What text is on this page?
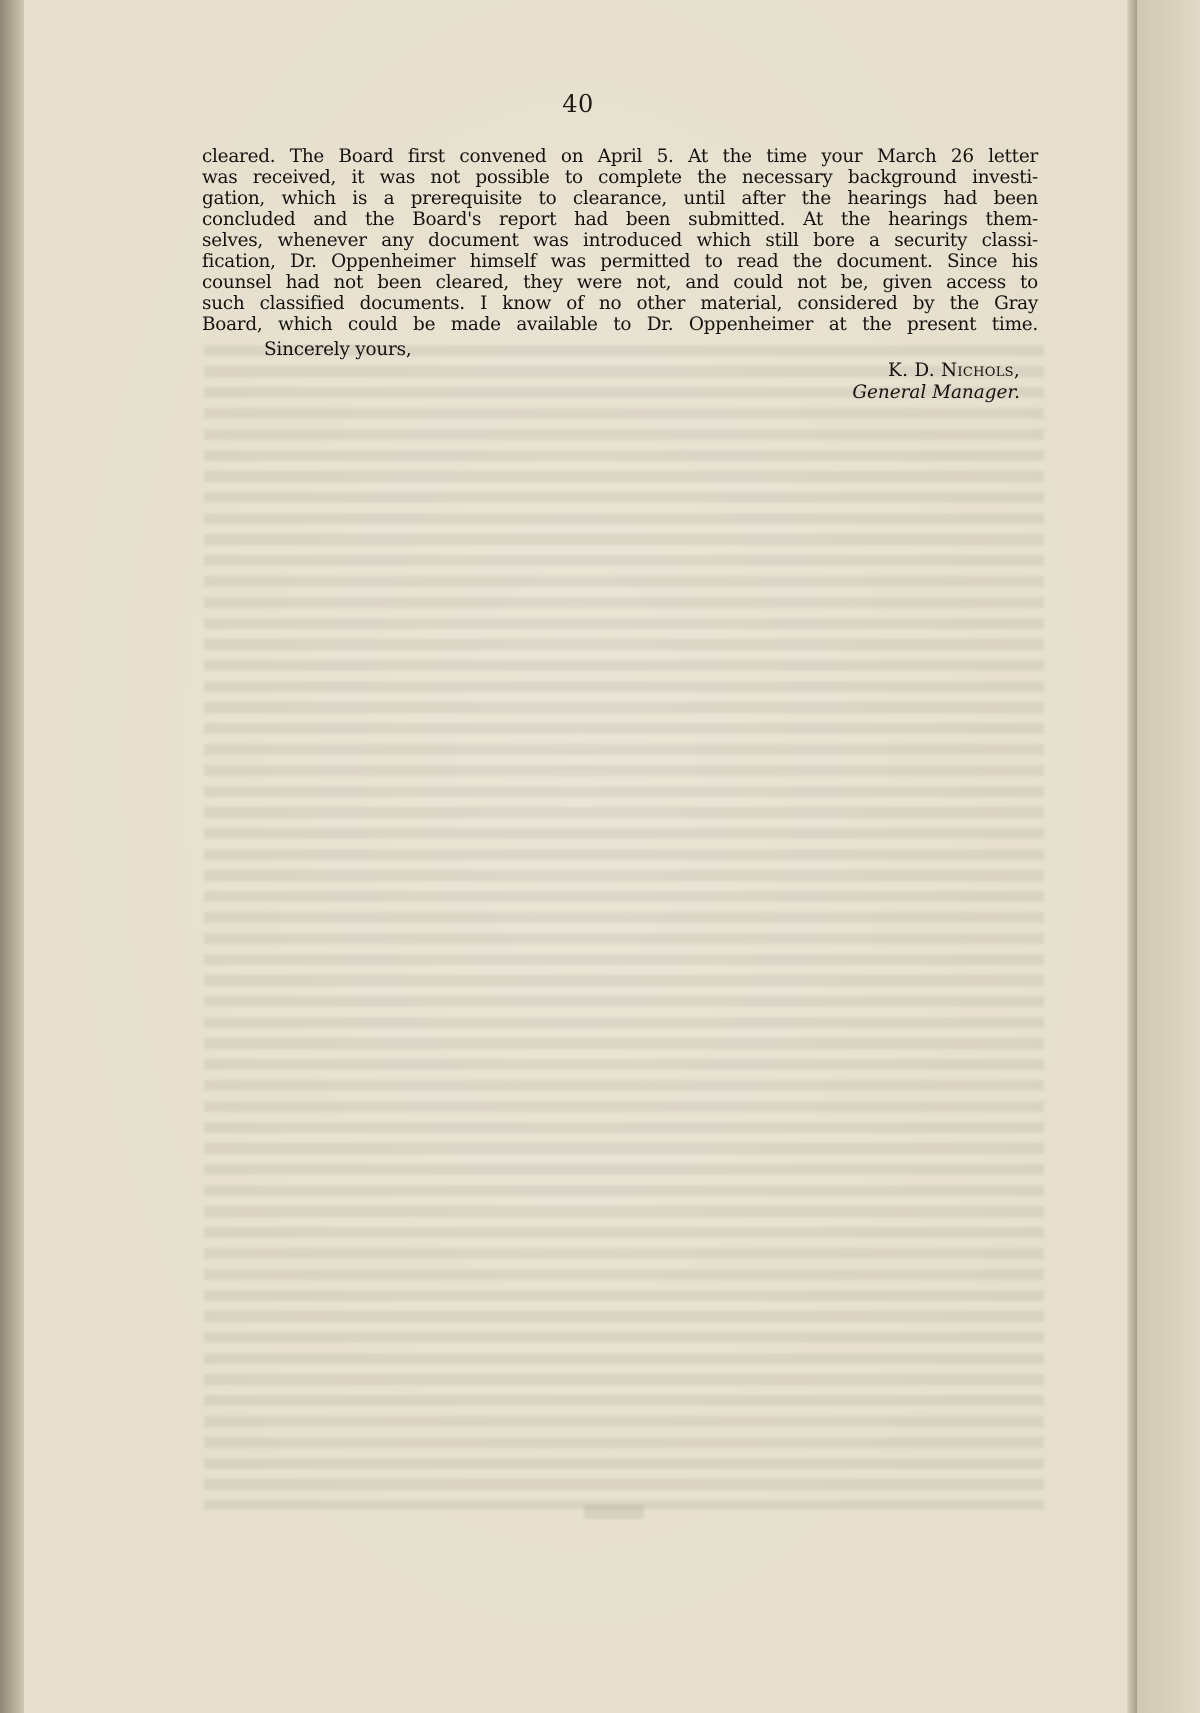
40
cleared. The Board first convened on April 5. At the time your March 26 letter
was received, it was not possible to complete the necessary background investi-
gation, which is a prerequisite to clearance, until after the hearings had been
concluded and the Board's report had been submitted. At the hearings them-
selves, whenever any document was introduced which still bore a security classi-
fication, Dr. Oppenheimer himself was permitted to read the document. Since his
counsel had not been cleared, they were not, and could not be, given access to
such classified documents. I know of no other material, considered by the Gray
Board, which could be made available to Dr. Oppenheimer at the present time.
Sincerely yours,
K. D. Nichols,
General Manager.
